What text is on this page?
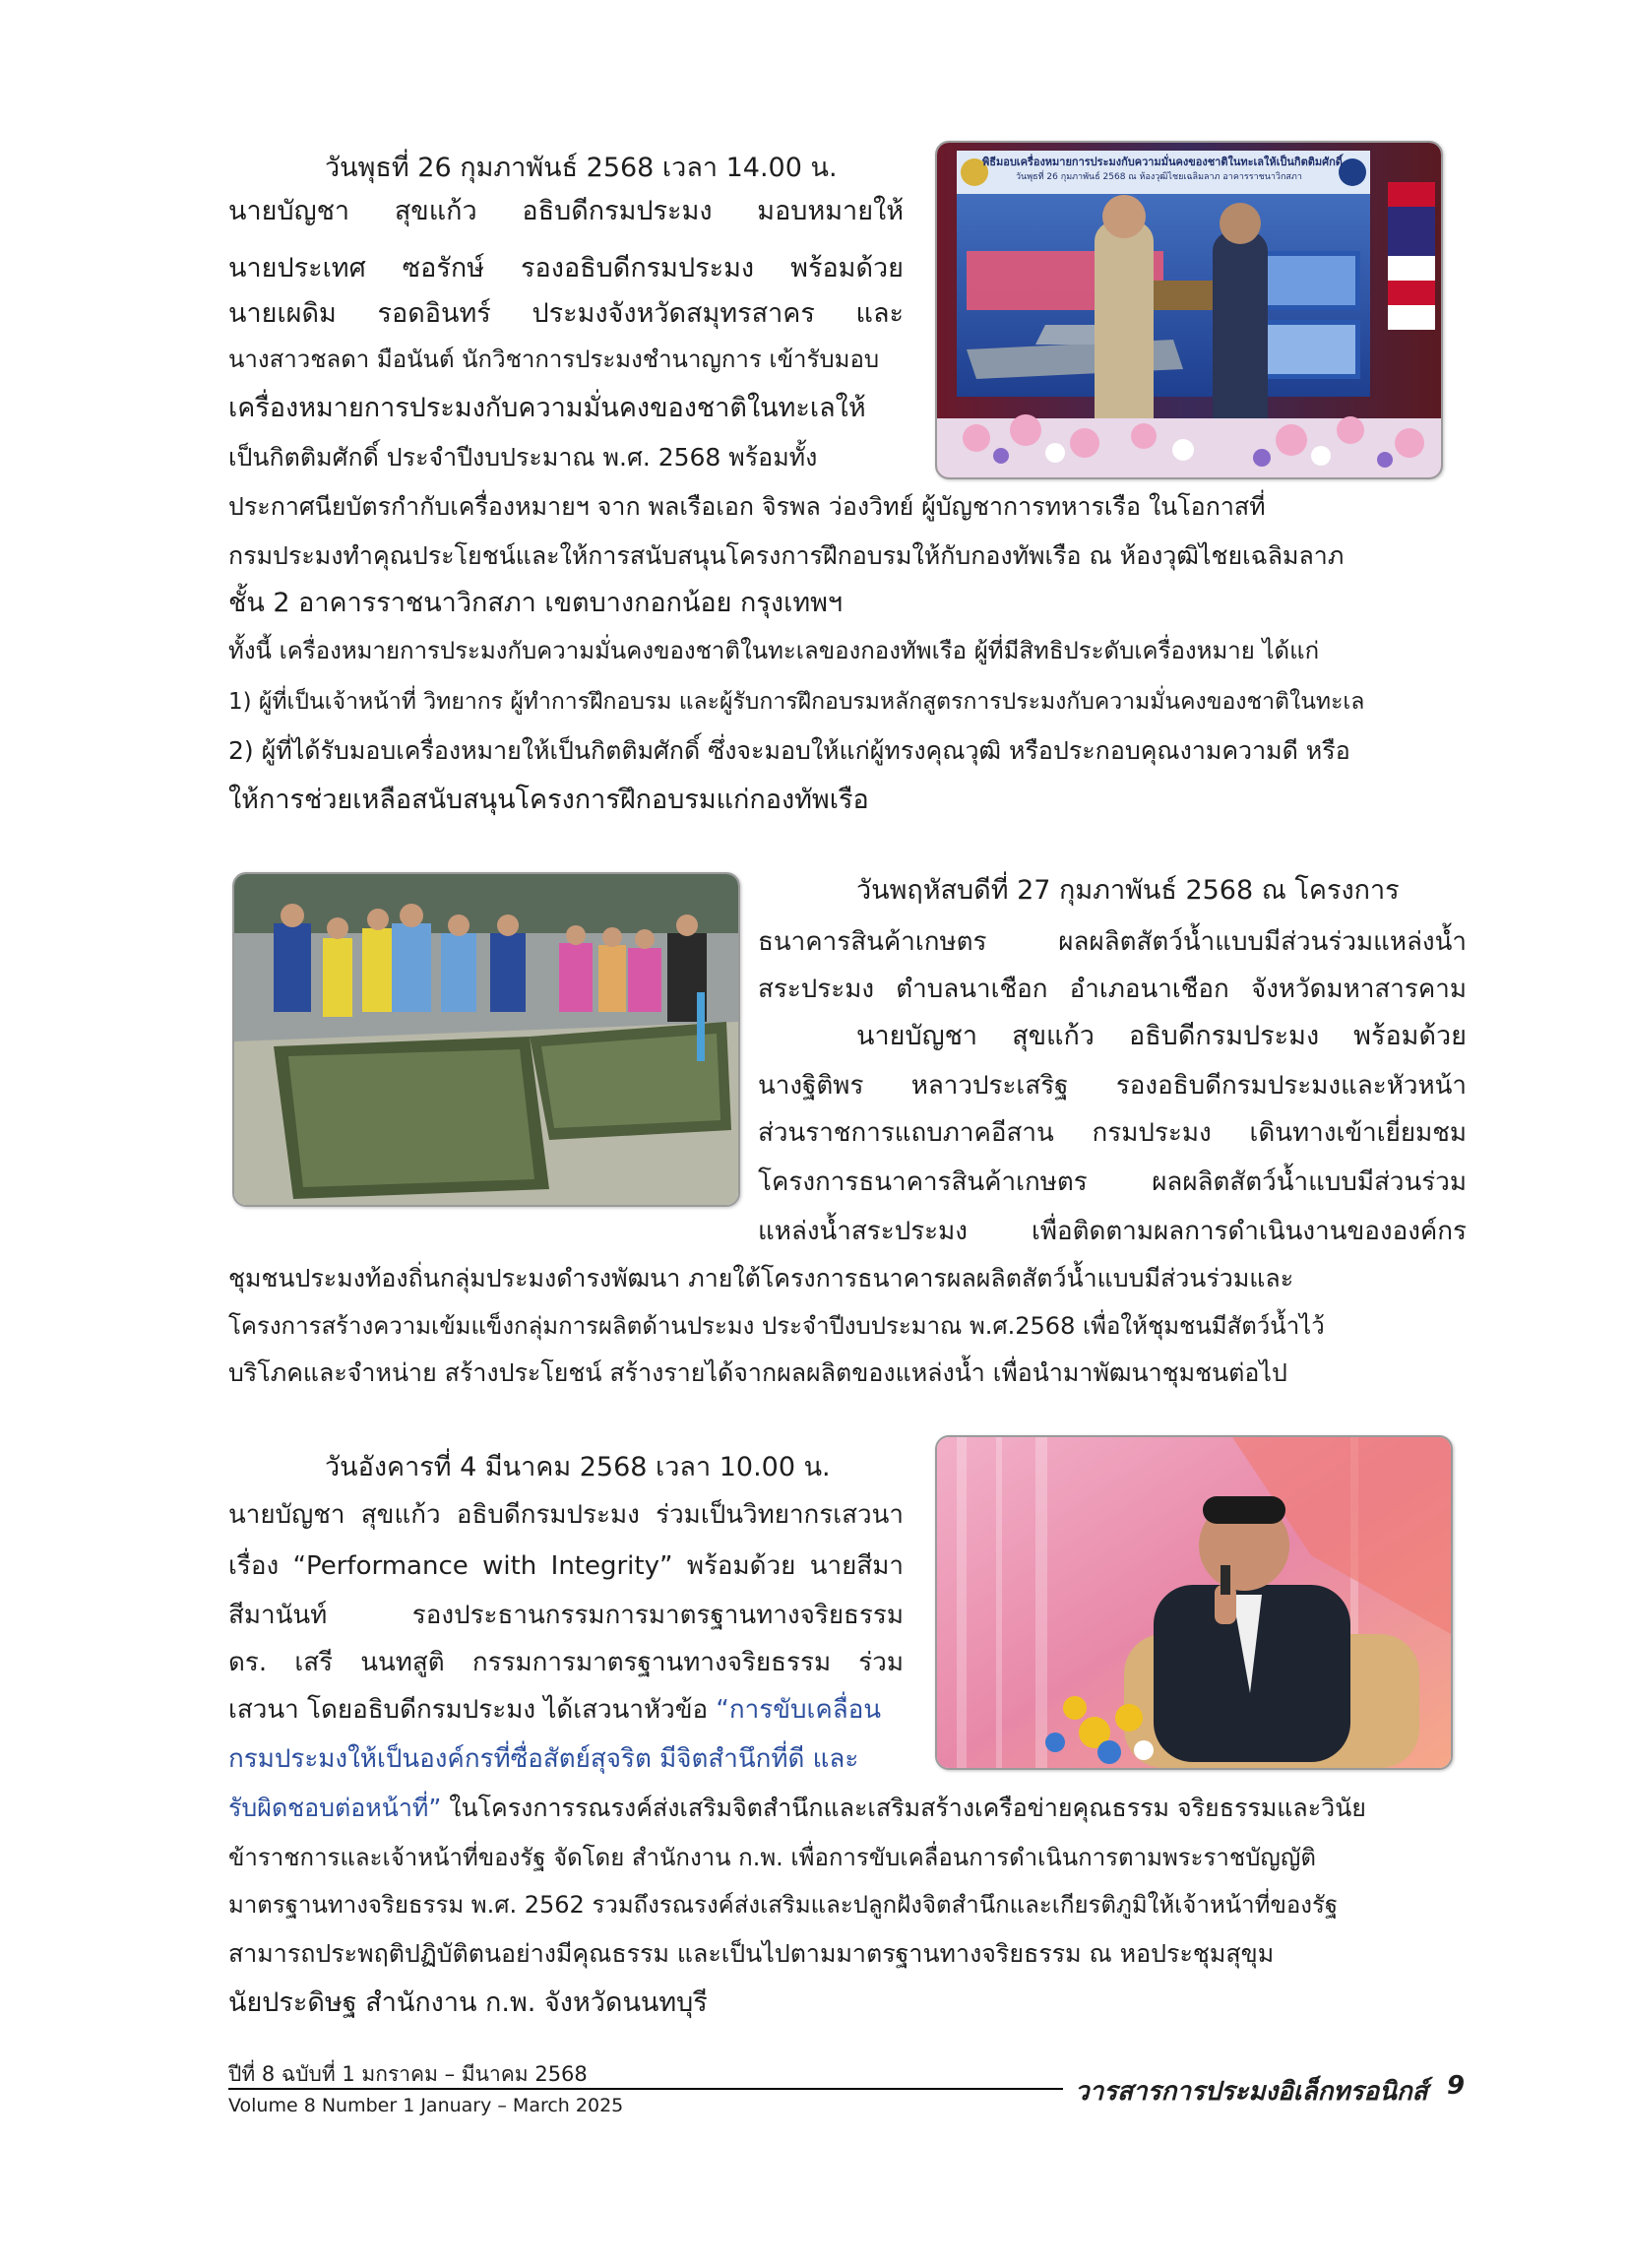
วันพุธที่ 26 กุมภาพันธ์ 2568 เวลา 14.00 น.
นายบัญชา สุขแก้ว อธิบดีกรมประมง มอบหมายให้
นายประเทศ ซอรักษ์ รองอธิบดีกรมประมง พร้อมด้วย
นายเผดิม รอดอินทร์ ประมงจังหวัดสมุทรสาคร และ
นางสาวชลดา มือนันต์ นักวิชาการประมงชำนาญการ เข้ารับมอบ
เครื่องหมายการประมงกับความมั่นคงของชาติในทะเลให้
เป็นกิตติมศักดิ์ ประจำปีงบประมาณ พ.ศ. 2568 พร้อมทั้ง
ประกาศนียบัตรกำกับเครื่องหมายฯ จาก พลเรือเอก จิรพล ว่องวิทย์ ผู้บัญชาการทหารเรือ ในโอกาสที่
กรมประมงทำคุณประโยชน์และให้การสนับสนุนโครงการฝึกอบรมให้กับกองทัพเรือ ณ ห้องวุฒิไชยเฉลิมลาภ
ชั้น 2 อาคารราชนาวิกสภา เขตบางกอกน้อย กรุงเทพฯ
ทั้งนี้ เครื่องหมายการประมงกับความมั่นคงของชาติในทะเลของกองทัพเรือ ผู้ที่มีสิทธิประดับเครื่องหมาย ได้แก่
1) ผู้ที่เป็นเจ้าหน้าที่ วิทยากร ผู้ทำการฝึกอบรม และผู้รับการฝึกอบรมหลักสูตรการประมงกับความมั่นคงของชาติในทะเล
2) ผู้ที่ได้รับมอบเครื่องหมายให้เป็นกิตติมศักดิ์ ซึ่งจะมอบให้แก่ผู้ทรงคุณวุฒิ หรือประกอบคุณงามความดี หรือ
ให้การช่วยเหลือสนับสนุนโครงการฝึกอบรมแก่กองทัพเรือ
พิธีมอบเครื่องหมายการประมงกับความมั่นคงของชาติในทะเลให้เป็นกิตติมศักดิ์
วันพุธที่ 26 กุมภาพันธ์ 2568 ณ ห้องวุฒิไชยเฉลิมลาภ อาคารราชนาวิกสภา
วันพฤหัสบดีที่ 27 กุมภาพันธ์ 2568 ณ โครงการ
ธนาคารสินค้าเกษตร ผลผลิตสัตว์น้ำแบบมีส่วนร่วมแหล่งน้ำ
สระประมง ตำบลนาเชือก อำเภอนาเชือก จังหวัดมหาสารคาม
นายบัญชา สุขแก้ว อธิบดีกรมประมง พร้อมด้วย
นางฐิติพร หลาวประเสริฐ รองอธิบดีกรมประมงและหัวหน้า
ส่วนราชการแถบภาคอีสาน กรมประมง เดินทางเข้าเยี่ยมชม
โครงการธนาคารสินค้าเกษตร ผลผลิตสัตว์น้ำแบบมีส่วนร่วม
แหล่งน้ำสระประมง เพื่อติดตามผลการดำเนินงานขององค์กร
ชุมชนประมงท้องถิ่นกลุ่มประมงดำรงพัฒนา ภายใต้โครงการธนาคารผลผลิตสัตว์น้ำแบบมีส่วนร่วมและ
โครงการสร้างความเข้มแข็งกลุ่มการผลิตด้านประมง ประจำปีงบประมาณ พ.ศ.2568 เพื่อให้ชุมชนมีสัตว์น้ำไว้
บริโภคและจำหน่าย สร้างประโยชน์ สร้างรายได้จากผลผลิตของแหล่งน้ำ เพื่อนำมาพัฒนาชุมชนต่อไป
วันอังคารที่ 4 มีนาคม 2568 เวลา 10.00 น.
นายบัญชา สุขแก้ว อธิบดีกรมประมง ร่วมเป็นวิทยากรเสวนา
เรื่อง “Performance with Integrity” พร้อมด้วย นายสีมา
สีมานันท์ รองประธานกรรมการมาตรฐานทางจริยธรรม
ดร. เสรี นนทสูติ กรรมการมาตรฐานทางจริยธรรม ร่วม
เสวนา โดยอธิบดีกรมประมง ได้เสวนาหัวข้อ “การขับเคลื่อน
กรมประมงให้เป็นองค์กรที่ซื่อสัตย์สุจริต มีจิตสำนึกที่ดี และ
รับผิดชอบต่อหน้าที่” ในโครงการรณรงค์ส่งเสริมจิตสำนึกและเสริมสร้างเครือข่ายคุณธรรม จริยธรรมและวินัย
ข้าราชการและเจ้าหน้าที่ของรัฐ จัดโดย สำนักงาน ก.พ. เพื่อการขับเคลื่อนการดำเนินการตามพระราชบัญญัติ
มาตรฐานทางจริยธรรม พ.ศ. 2562 รวมถึงรณรงค์ส่งเสริมและปลูกฝังจิตสำนึกและเกียรติภูมิให้เจ้าหน้าที่ของรัฐ
สามารถประพฤติปฏิบัติตนอย่างมีคุณธรรม และเป็นไปตามมาตรฐานทางจริยธรรม ณ หอประชุมสุขุม
นัยประดิษฐ สำนักงาน ก.พ. จังหวัดนนทบุรี
ปีที่ 8 ฉบับที่ 1 มกราคม – มีนาคม 2568
Volume 8 Number 1 January – March 2025	วารสารการประมงอิเล็กทรอนิกส์ 9
